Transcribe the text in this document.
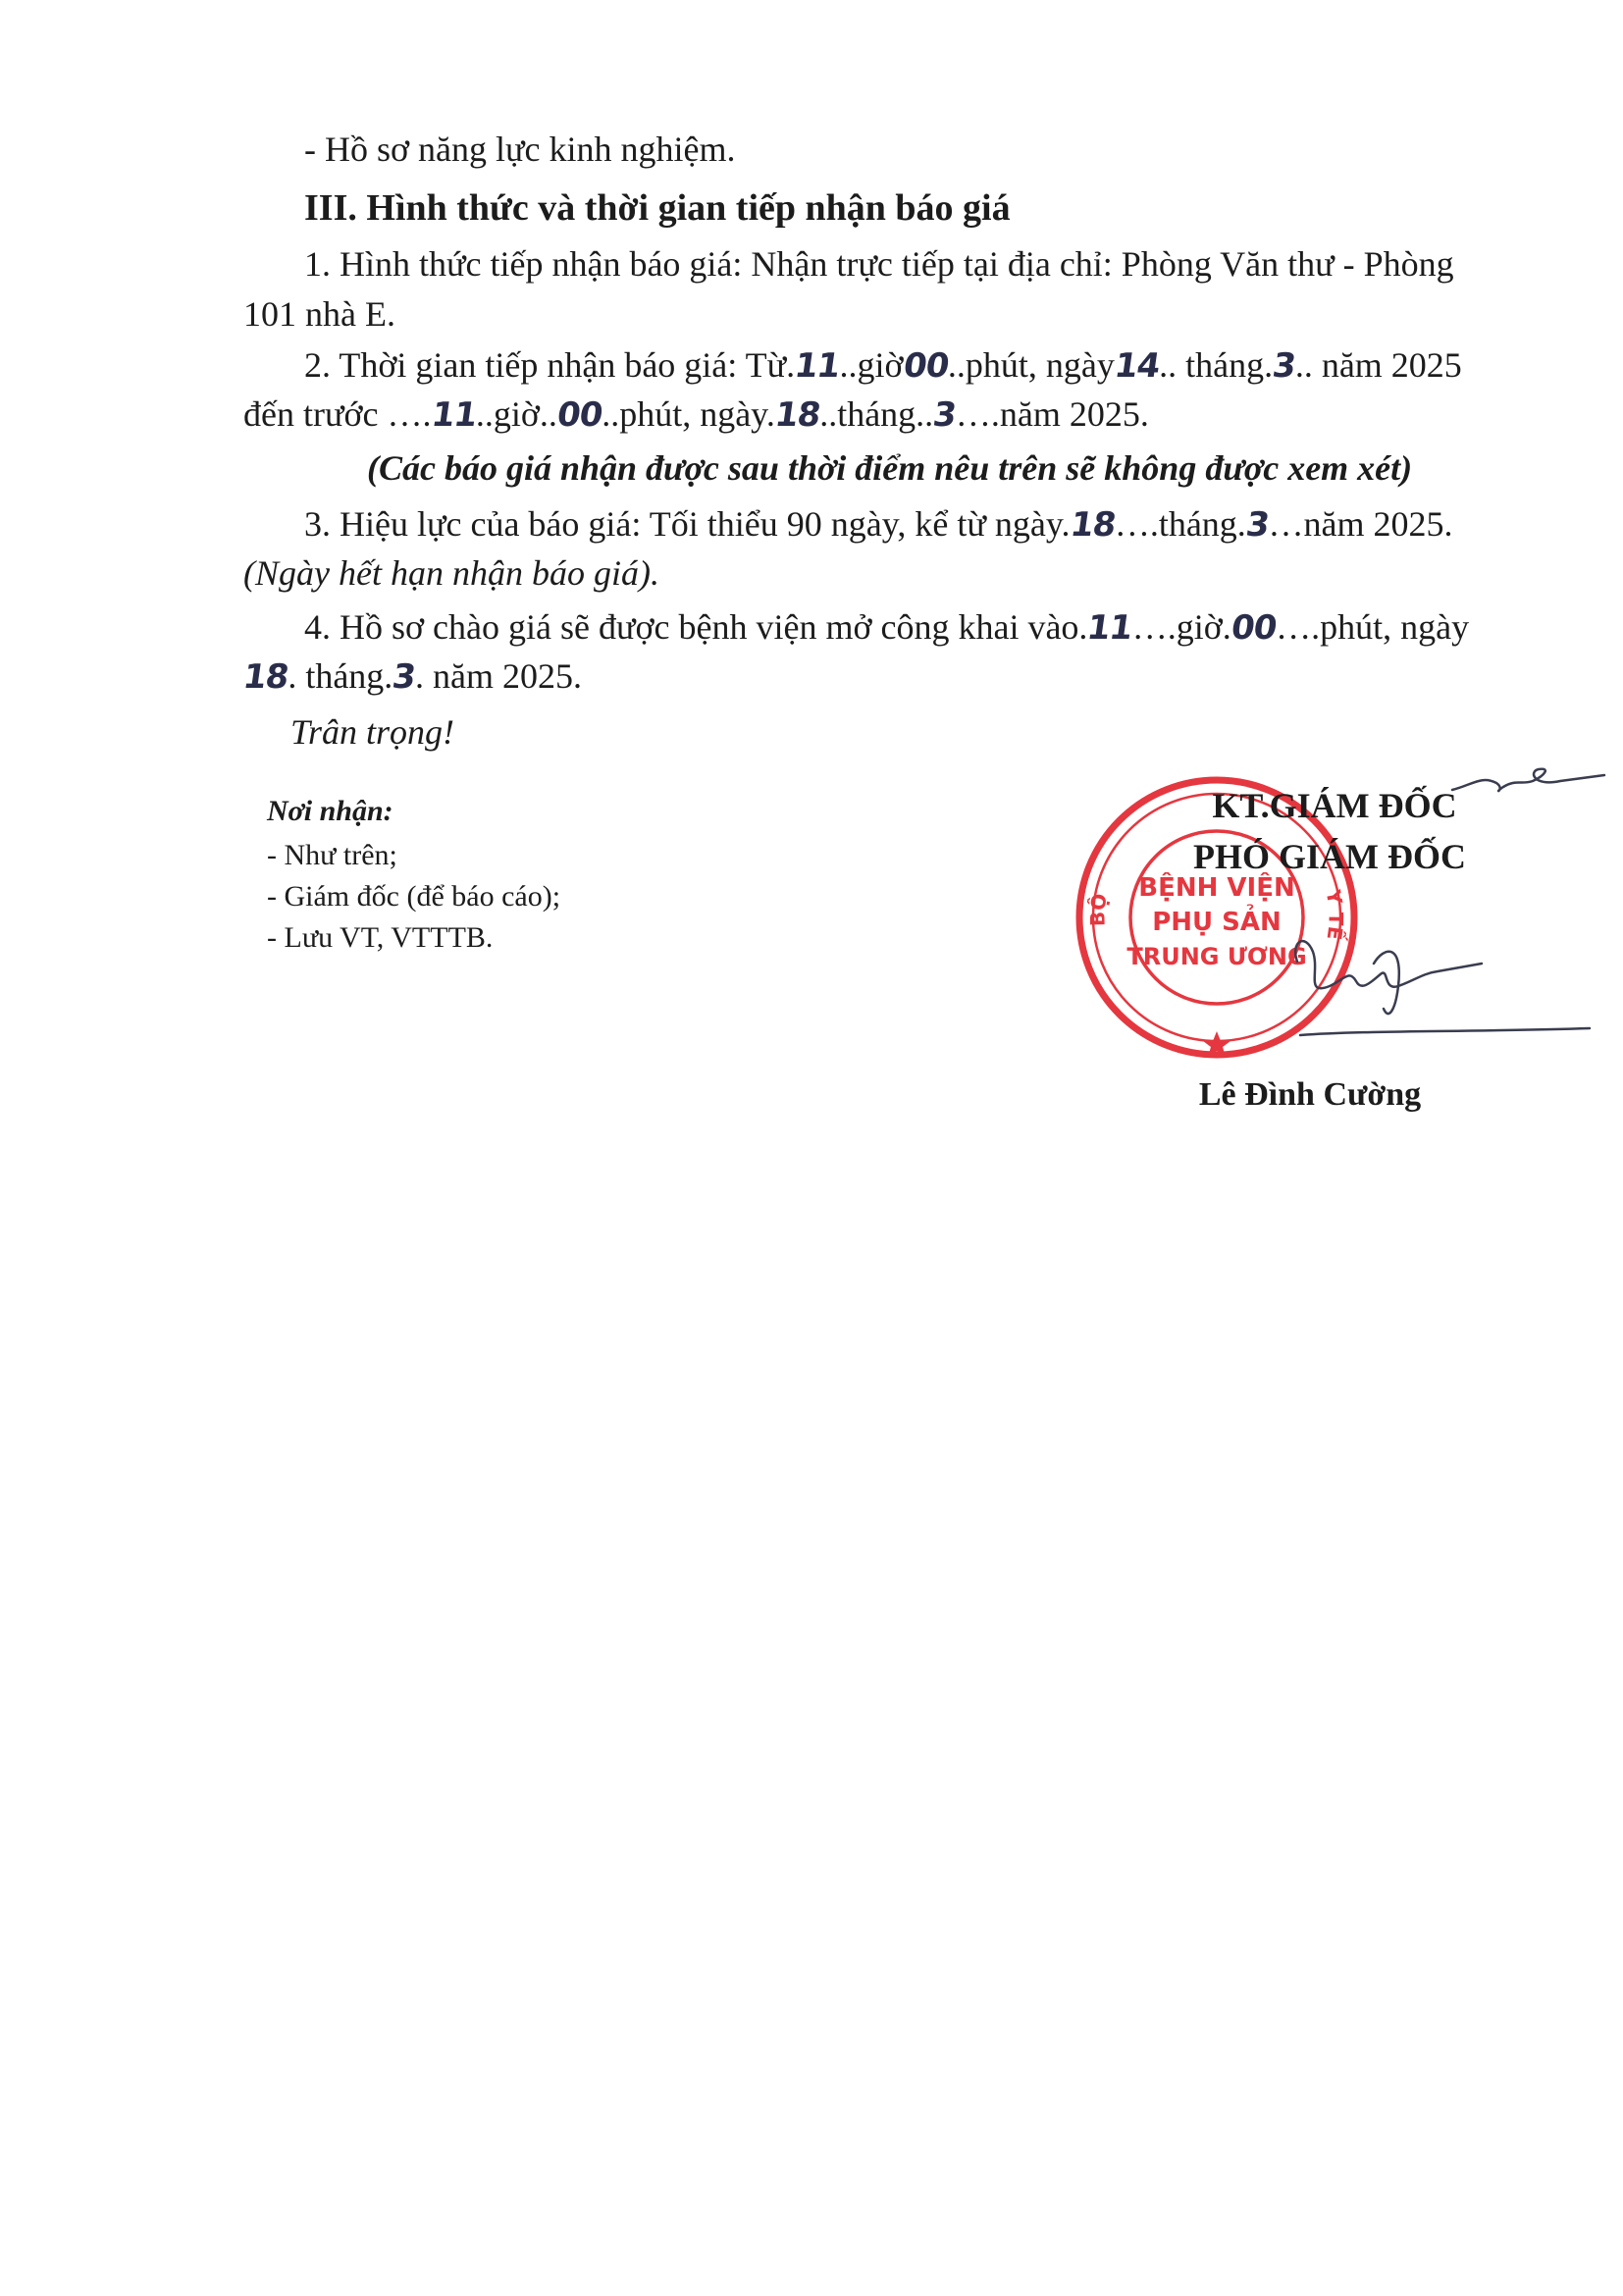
- Hồ sơ năng lực kinh nghiệm.
III. Hình thức và thời gian tiếp nhận báo giá
1. Hình thức tiếp nhận báo giá: Nhận trực tiếp tại địa chỉ: Phòng Văn thư - Phòng
101 nhà E.
2. Thời gian tiếp nhận báo giá: Từ.11..giờ00..phút, ngày14.. tháng.3.. năm 2025
đến trước ….11..giờ..00..phút, ngày.18..tháng..3….năm 2025.
(Các báo giá nhận được sau thời điểm nêu trên sẽ không được xem xét)
3. Hiệu lực của báo giá: Tối thiểu 90 ngày, kể từ ngày.18….tháng.3…năm 2025.
(Ngày hết hạn nhận báo giá).
4. Hồ sơ chào giá sẽ được bệnh viện mở công khai vào.11….giờ.00….phút, ngày
18. tháng.3. năm 2025.
Trân trọng!
Nơi nhận:
- Như trên;
- Giám đốc (để báo cáo);
- Lưu VT, VTTTB.
BỘ	Y TẾ
BỆNH VIỆN
PHỤ SẢN
TRUNG ƯƠNG
KT.GIÁM ĐỐC
PHÓ GIÁM ĐỐC
Lê Đình Cường
